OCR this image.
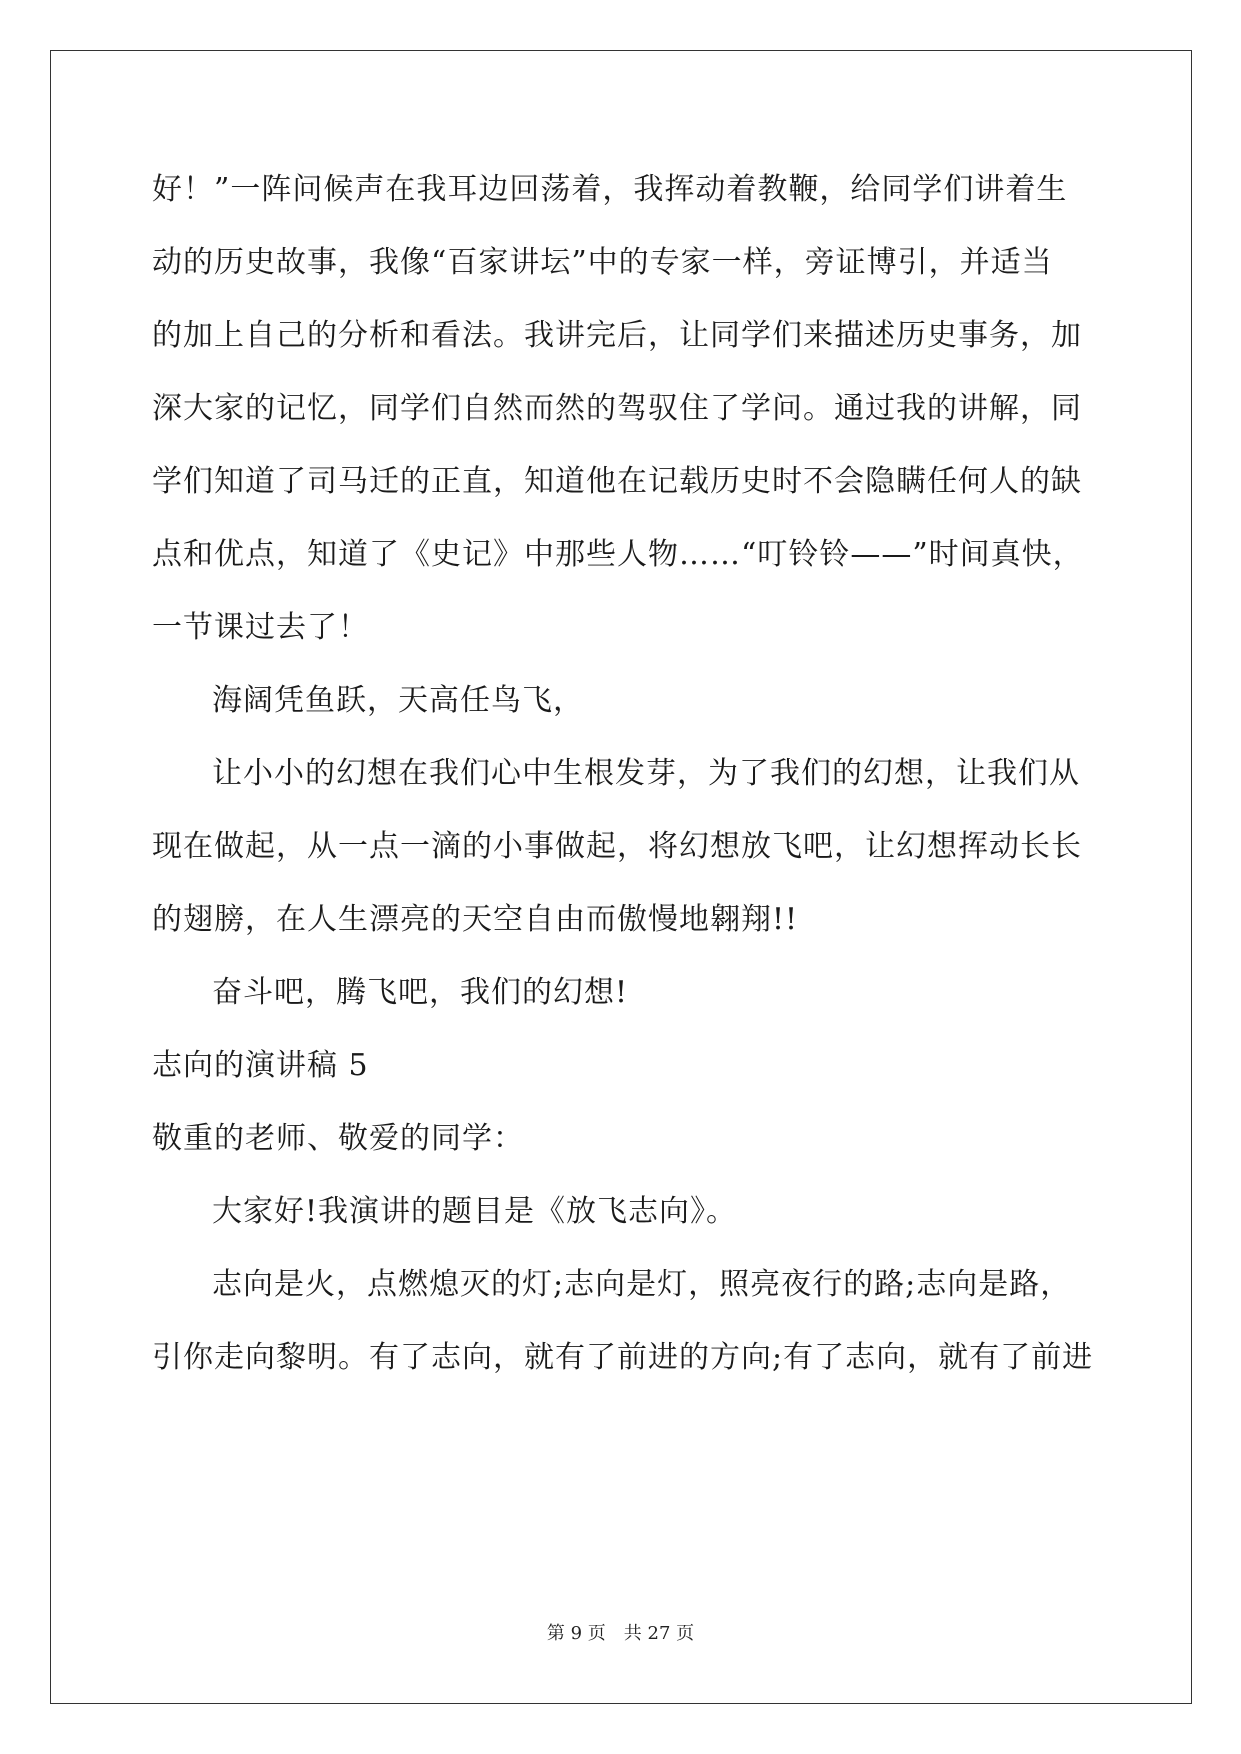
好！”一阵问候声在我耳边回荡着，我挥动着教鞭，给同学们讲着生
动的历史故事，我像“百家讲坛”中的专家一样，旁证博引，并适当
的加上自己的分析和看法。我讲完后，让同学们来描述历史事务，加
深大家的记忆，同学们自然而然的驾驭住了学问。通过我的讲解，同
学们知道了司马迁的正直，知道他在记载历史时不会隐瞒任何人的缺
点和优点，知道了《史记》中那些人物……“叮铃铃——”时间真快，
一节课过去了！
海阔凭鱼跃，天高任鸟飞，
让小小的幻想在我们心中生根发芽，为了我们的幻想，让我们从
现在做起，从一点一滴的小事做起，将幻想放飞吧，让幻想挥动长长
的翅膀，在人生漂亮的天空自由而傲慢地翱翔!!
奋斗吧，腾飞吧，我们的幻想!
志向的演讲稿 5
敬重的老师、敬爱的同学：
大家好!我演讲的题目是《放飞志向》。
志向是火，点燃熄灭的灯;志向是灯，照亮夜行的路;志向是路，
引你走向黎明。有了志向，就有了前进的方向;有了志向，就有了前进
第 9 页　共 27 页
